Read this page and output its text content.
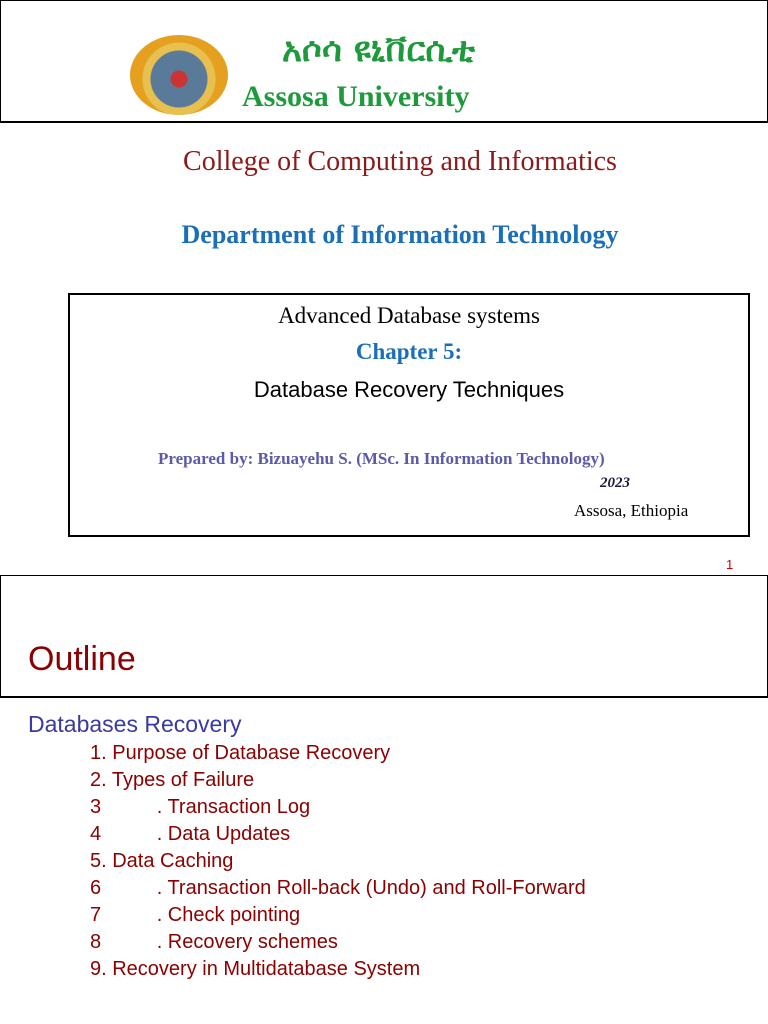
አሶሳ ዩኒቨርሲቲ
Assosa University
College of Computing and Informatics
Department of Information Technology
Advanced Database systems
Chapter 5:
Database Recovery Techniques
Prepared by: Bizuayehu S. (MSc. In Information Technology)
2023
Assosa, Ethiopia
1
Outline
Databases Recovery
1. Purpose of Database Recovery
2. Types of Failure
3          . Transaction Log
4          . Data Updates
5. Data Caching
6          . Transaction Roll-back (Undo) and Roll-Forward
7          . Check pointing
8          . Recovery schemes
9. Recovery in Multidatabase System
